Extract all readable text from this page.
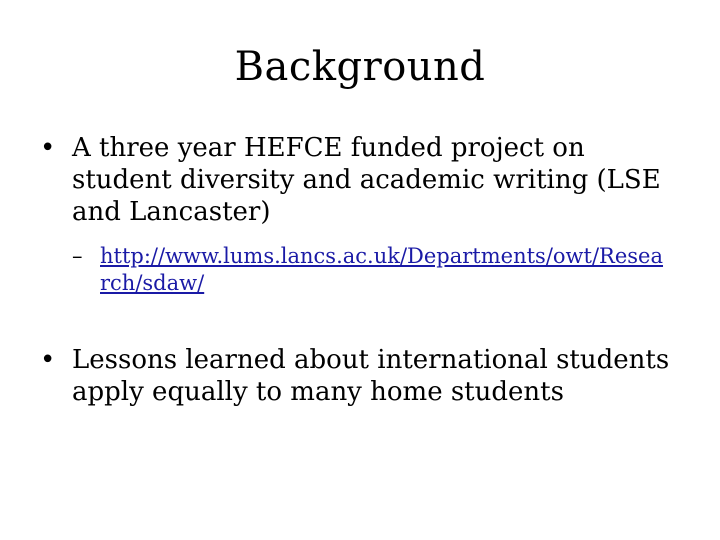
Background
• A three year HEFCE funded project on student diversity and academic writing (LSE and Lancaster)
– http://www.lums.lancs.ac.uk/Departments/owt/Research/sdaw/
• Lessons learned about international students apply equally to many home students
